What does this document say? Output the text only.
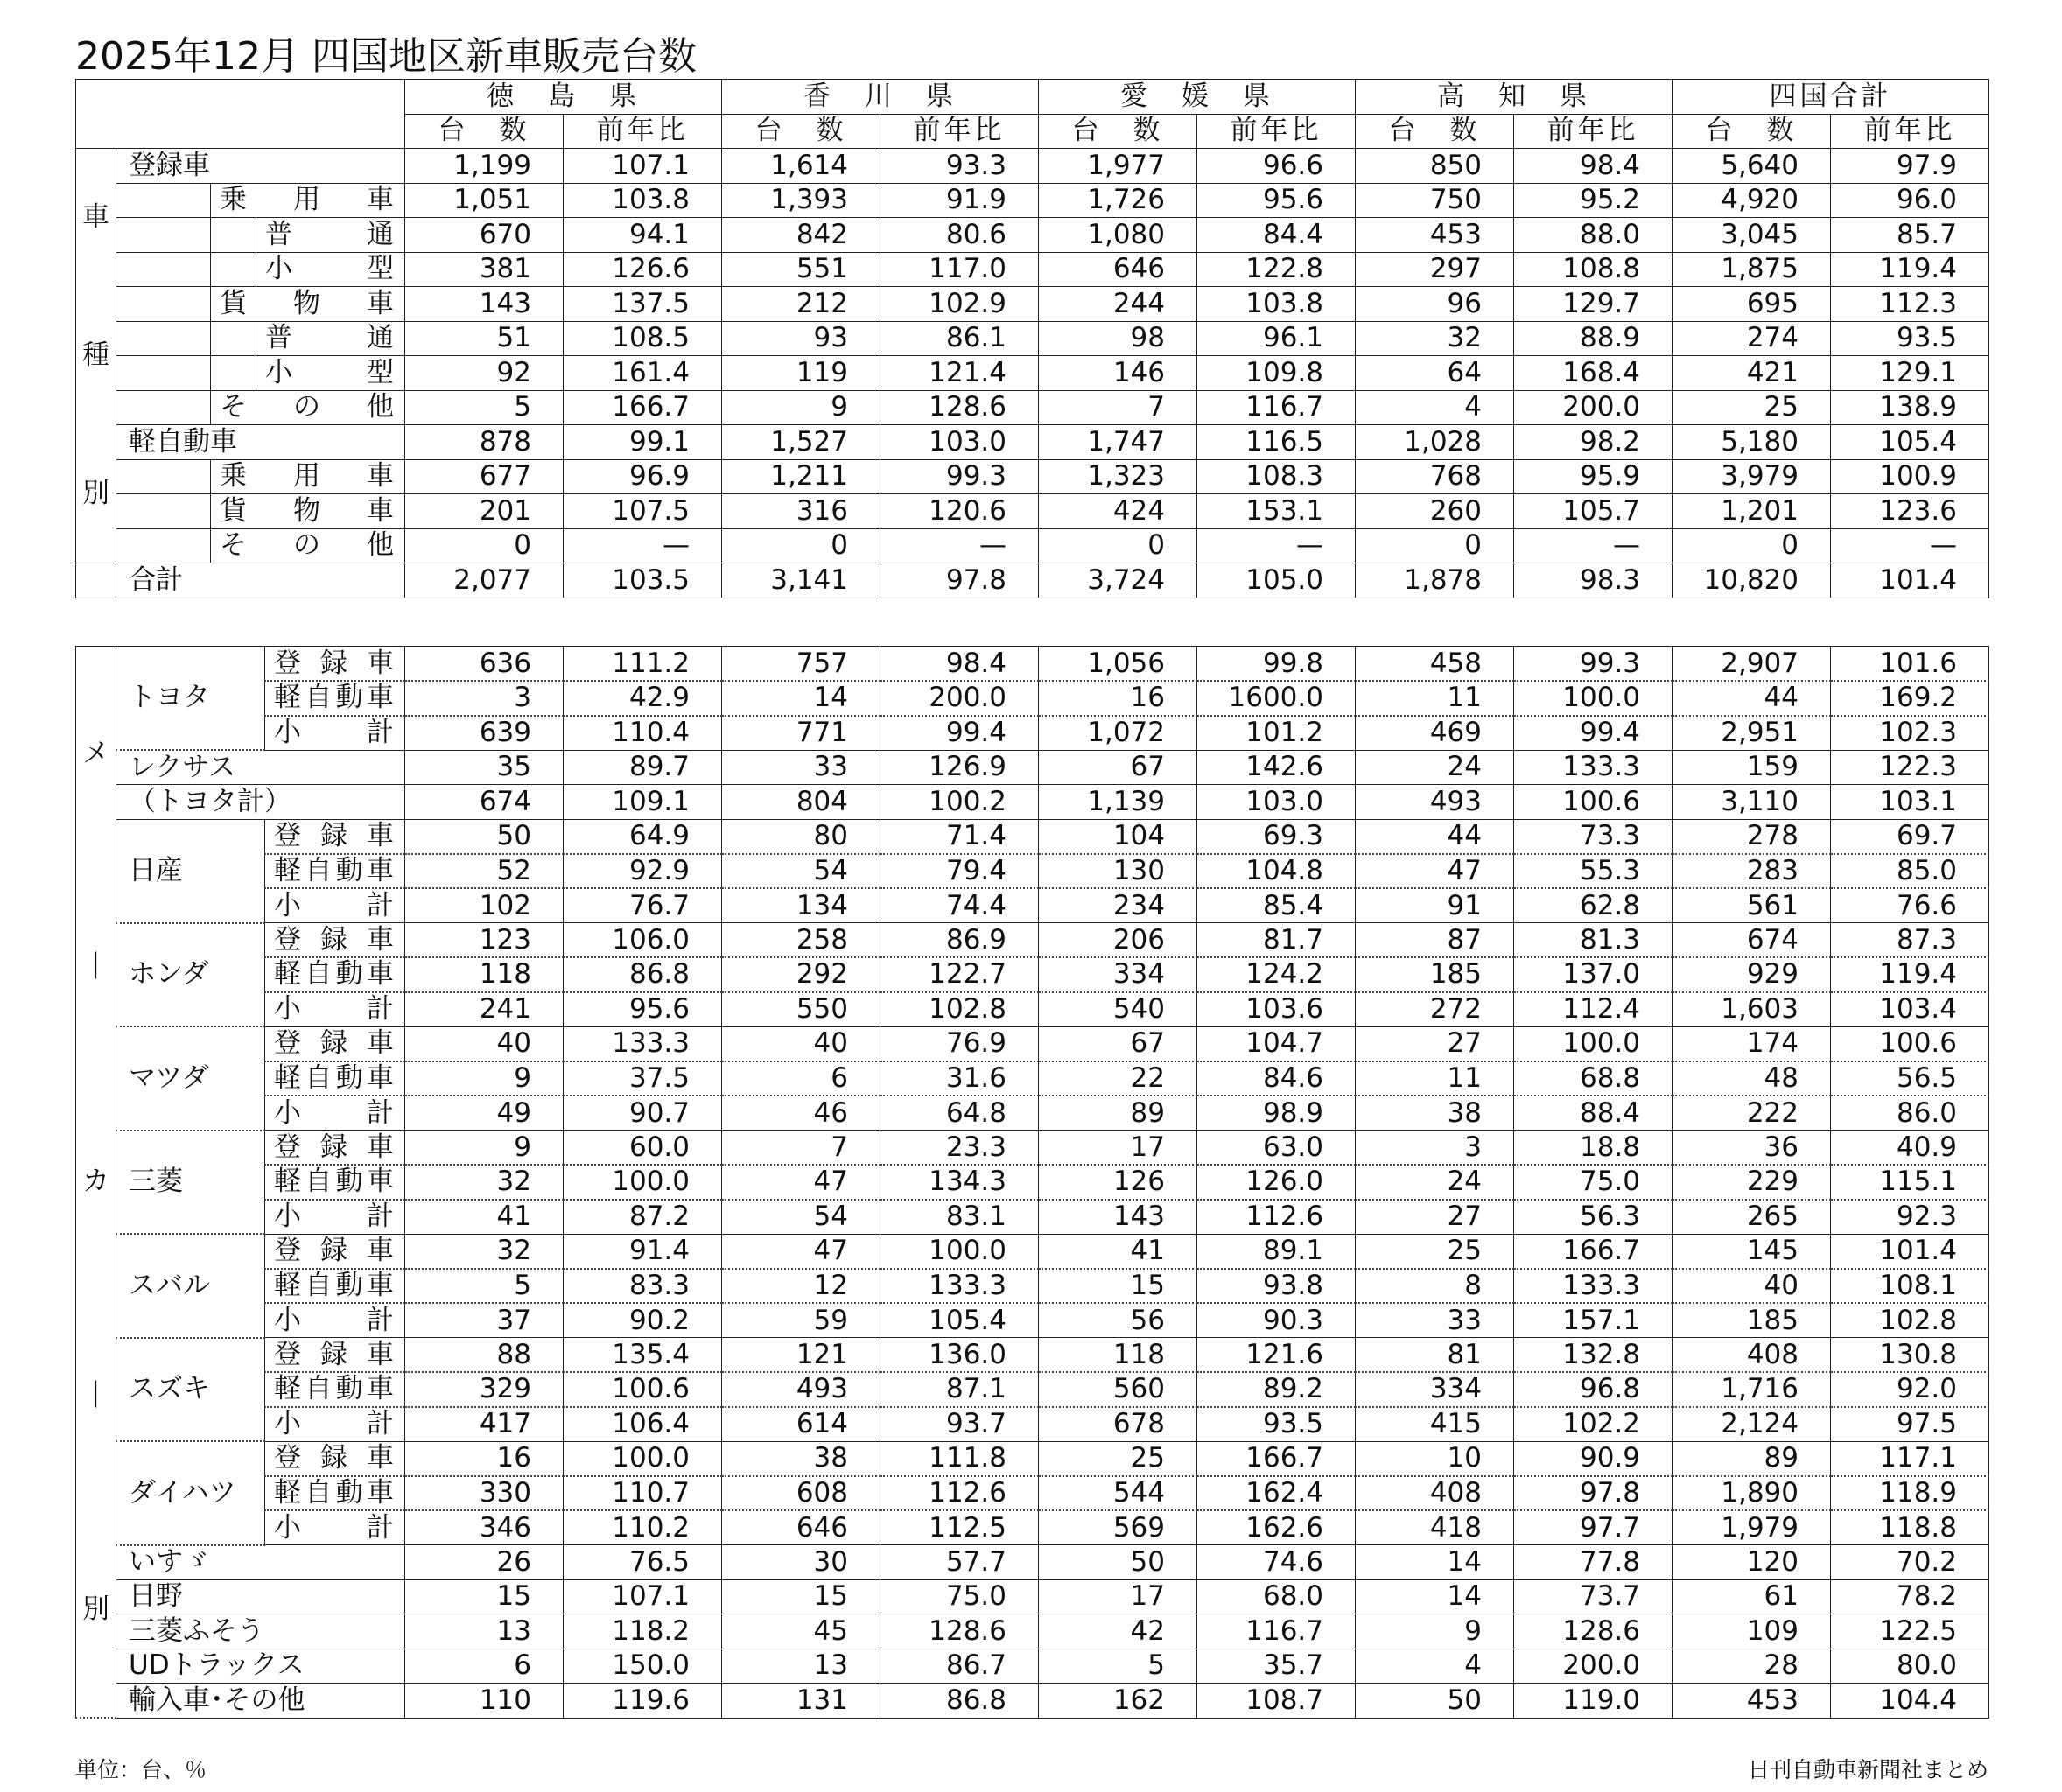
2025年12月 四国地区新車販売台数
				徳　島　県		香　川　県		愛　媛　県		高　知　県		四国合計	
				台　数	前年比	台　数	前年比	台　数	前年比	台　数	前年比	台　数	前年比

車
種
別	登録車			1,199	107.1	1,614	93.3	1,977	96.6	850	98.4	5,640	97.9

		乗 用 車		1,051	103.8	1,393	91.9	1,726	95.6	750	95.2	4,920	96.0

			普 通	670	94.1	842	80.6	1,080	84.4	453	88.0	3,045	85.7

			小 型	381	126.6	551	117.0	646	122.8	297	108.8	1,875	119.4

		貨 物 車		143	137.5	212	102.9	244	103.8	96	129.7	695	112.3

			普 通	51	108.5	93	86.1	98	96.1	32	88.9	274	93.5

			小 型	92	161.4	119	121.4	146	109.8	64	168.4	421	129.1

		そ の 他		5	166.7	9	128.6	7	116.7	4	200.0	25	138.9
	軽自動車			878	99.1	1,527	103.0	1,747	116.5	1,028	98.2	5,180	105.4

		乗 用 車		677	96.9	1,211	99.3	1,323	108.3	768	95.9	3,979	100.9

		貨 物 車		201	107.5	316	120.6	424	153.1	260	105.7	1,201	123.6

		そ の 他		0	—	0	—	0	—	0	—	0	—
	合計			2,077	103.5	3,141	97.8	3,724	105.0	1,878	98.3	10,820	101.4
メ
｜
カ
｜
別	トヨタ	登 録 車	636	111.2	757	98.4	1,056	99.8	458	99.3	2,907	101.6

		軽 自 動 車	3	42.9	14	200.0	16	1600.0	11	100.0	44	169.2

		小 計	639	110.4	771	99.4	1,072	101.2	469	99.4	2,951	102.3
	レクサス		35	89.7	33	126.9	67	142.6	24	133.3	159	122.3
	（トヨタ計）		674	109.1	804	100.2	1,139	103.0	493	100.6	3,110	103.1
	日産	登 録 車	50	64.9	80	71.4	104	69.3	44	73.3	278	69.7

		軽 自 動 車	52	92.9	54	79.4	130	104.8	47	55.3	283	85.0

		小 計	102	76.7	134	74.4	234	85.4	91	62.8	561	76.6
	ホンダ	登 録 車	123	106.0	258	86.9	206	81.7	87	81.3	674	87.3

		軽 自 動 車	118	86.8	292	122.7	334	124.2	185	137.0	929	119.4

		小 計	241	95.6	550	102.8	540	103.6	272	112.4	1,603	103.4
	マツダ	登 録 車	40	133.3	40	76.9	67	104.7	27	100.0	174	100.6

		軽 自 動 車	9	37.5	6	31.6	22	84.6	11	68.8	48	56.5

		小 計	49	90.7	46	64.8	89	98.9	38	88.4	222	86.0
	三菱	登 録 車	9	60.0	7	23.3	17	63.0	3	18.8	36	40.9

		軽 自 動 車	32	100.0	47	134.3	126	126.0	24	75.0	229	115.1

		小 計	41	87.2	54	83.1	143	112.6	27	56.3	265	92.3
	スバル	登 録 車	32	91.4	47	100.0	41	89.1	25	166.7	145	101.4

		軽 自 動 車	5	83.3	12	133.3	15	93.8	8	133.3	40	108.1

		小 計	37	90.2	59	105.4	56	90.3	33	157.1	185	102.8
	スズキ	登 録 車	88	135.4	121	136.0	118	121.6	81	132.8	408	130.8

		軽 自 動 車	329	100.6	493	87.1	560	89.2	334	96.8	1,716	92.0

		小 計	417	106.4	614	93.7	678	93.5	415	102.2	2,124	97.5
	ダイハツ	登 録 車	16	100.0	38	111.8	25	166.7	10	90.9	89	117.1

		軽 自 動 車	330	110.7	608	112.6	544	162.4	408	97.8	1,890	118.9

		小 計	346	110.2	646	112.5	569	162.6	418	97.7	1,979	118.8
	いすゞ		26	76.5	30	57.7	50	74.6	14	77.8	120	70.2
	日野		15	107.1	15	75.0	17	68.0	14	73.7	61	78.2
	三菱ふそう		13	118.2	45	128.6	42	116.7	9	128.6	109	122.5
	UDトラックス		6	150.0	13	86.7	5	35.7	4	200.0	28	80.0
	輸入車･その他		110	119.6	131	86.8	162	108.7	50	119.0	453	104.4
単位：台、％	日刊自動車新聞社まとめ
